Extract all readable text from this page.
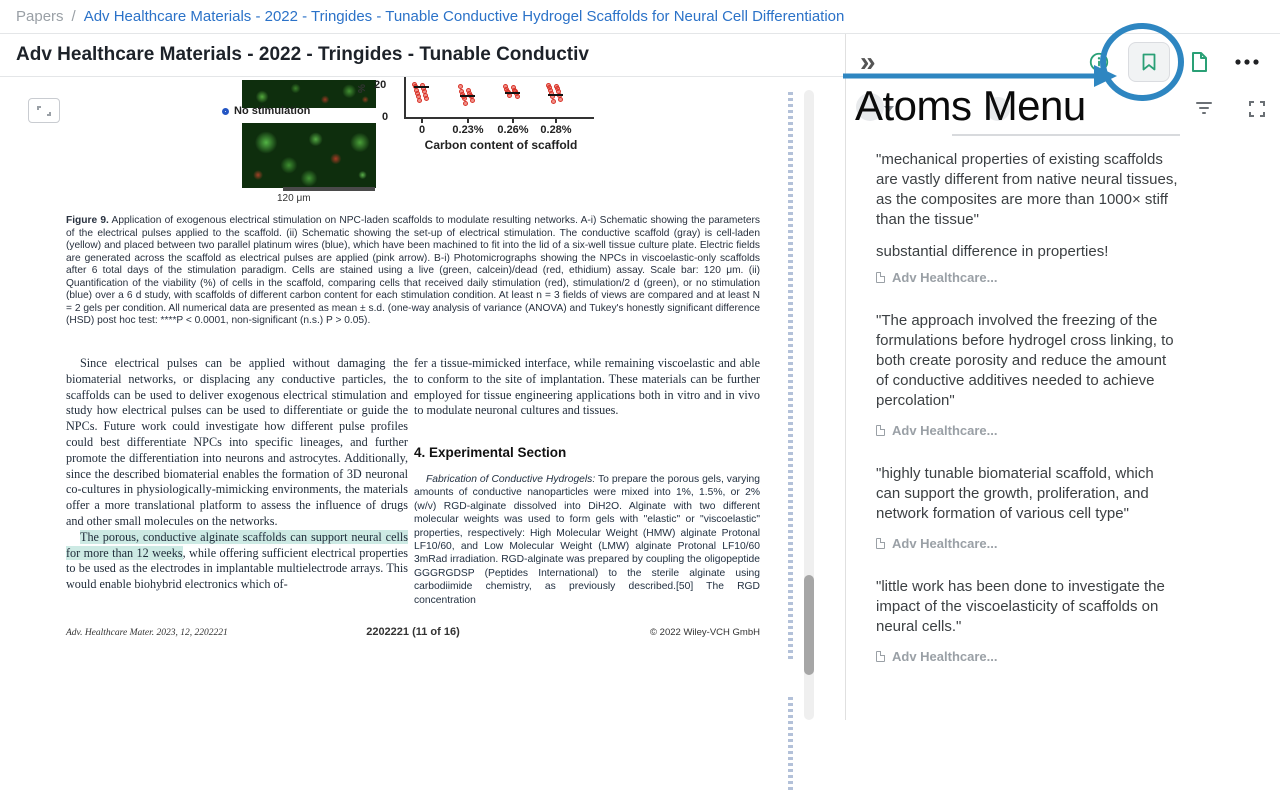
Papers / Adv Healthcare Materials - 2022 - Tringides - Tunable Conductive Hydrogel Scaffolds for Neural Cell Differentiation
Adv Healthcare Materials - 2022 - Tringides - Tunable Conductiv
No stimulation
120 μm
% 20
0
0	0.23%	0.26%	0.28%
Carbon content of scaffold
Figure 9. Application of exogenous electrical stimulation on NPC-laden scaffolds to modulate resulting networks. A-i) Schematic showing the parameters of the electrical pulses applied to the scaffold. (ii) Schematic showing the set-up of electrical stimulation. The conductive scaffold (gray) is cell-laden (yellow) and placed between two parallel platinum wires (blue), which have been machined to fit into the lid of a six-well tissue culture plate. Electric fields are generated across the scaffold as electrical pulses are applied (pink arrow). B-i) Photomicrographs showing the NPCs in viscoelastic-only scaffolds after 6 total days of the stimulation paradigm. Cells are stained using a live (green, calcein)/dead (red, ethidium) assay. Scale bar: 120 μm. (ii) Quantification of the viability (%) of cells in the scaffold, comparing cells that received daily stimulation (red), stimulation/2 d (green), or no stimulation (blue) over a 6 d study, with scaffolds of different carbon content for each stimulation condition. At least n = 3 fields of views are compared and at least N = 2 gels per condition. All numerical data are presented as mean ± s.d. (one-way analysis of variance (ANOVA) and Tukey's honestly significant difference (HSD) post hoc test: ****P < 0.0001, non-significant (n.s.) P > 0.05).

Since electrical pulses can be applied without damaging the biomaterial networks, or displacing any conductive particles, the scaffolds can be used to deliver exogenous electrical stimulation and study how electrical pulses can be used to differentiate or guide the NPCs. Future work could investigate how different pulse profiles could best differentiate NPCs into specific lineages, and further promote the differentiation into neurons and astrocytes. Additionally, since the described biomaterial enables the formation of 3D neuronal co-cultures in physiologically-mimicking environments, the materials offer a more translational platform to assess the influence of drugs and other small molecules on the networks.

The porous, conductive alginate scaffolds can support neural cells for more than 12 weeks, while offering sufficient electrical properties to be used as the electrodes in implantable multielectrode arrays. This would enable biohybrid electronics which of-

fer a tissue-mimicked interface, while remaining viscoelastic and able to conform to the site of implantation. These materials can be further employed for tissue engineering applications both in vitro and in vivo to modulate neuronal cultures and tissues.

4. Experimental Section

Fabrication of Conductive Hydrogels: To prepare the porous gels, varying amounts of conductive nanoparticles were mixed into 1%, 1.5%, or 2% (w/v) RGD-alginate dissolved into DiH2O. Alginate with two different molecular weights was used to form gels with "elastic" or "viscoelastic" properties, respectively: High Molecular Weight (HMW) alginate Protonal LF10/60, and Low Molecular Weight (LMW) alginate Protonal LF10/60 3mRad irradiation. RGD-alginate was prepared by coupling the oligopeptide GGGRGDSP (Peptides International) to the sterile alginate using carbodiimide chemistry, as previously described.[50] The RGD concentration

Adv. Healthcare Mater. 2023, 12, 2202221	2202221 (11 of 16)	© 2022 Wiley-VCH GmbH
»

"mechanical properties of existing scaffolds are vastly different from native neural tissues, as the composites are more than 1000× stiff than the tissue"

substantial difference in properties!

Adv Healthcare...

"The approach involved the freezing of the formulations before hydrogel cross linking, to both create porosity and reduce the amount of conductive additives needed to achieve percolation"

Adv Healthcare...

"highly tunable biomaterial scaffold, which can support the growth, proliferation, and network formation of various cell type"

Adv Healthcare...

"little work has been done to investigate the impact of the viscoelasticity of scaffolds on neural cells."

Adv Healthcare...
Atoms Menu
